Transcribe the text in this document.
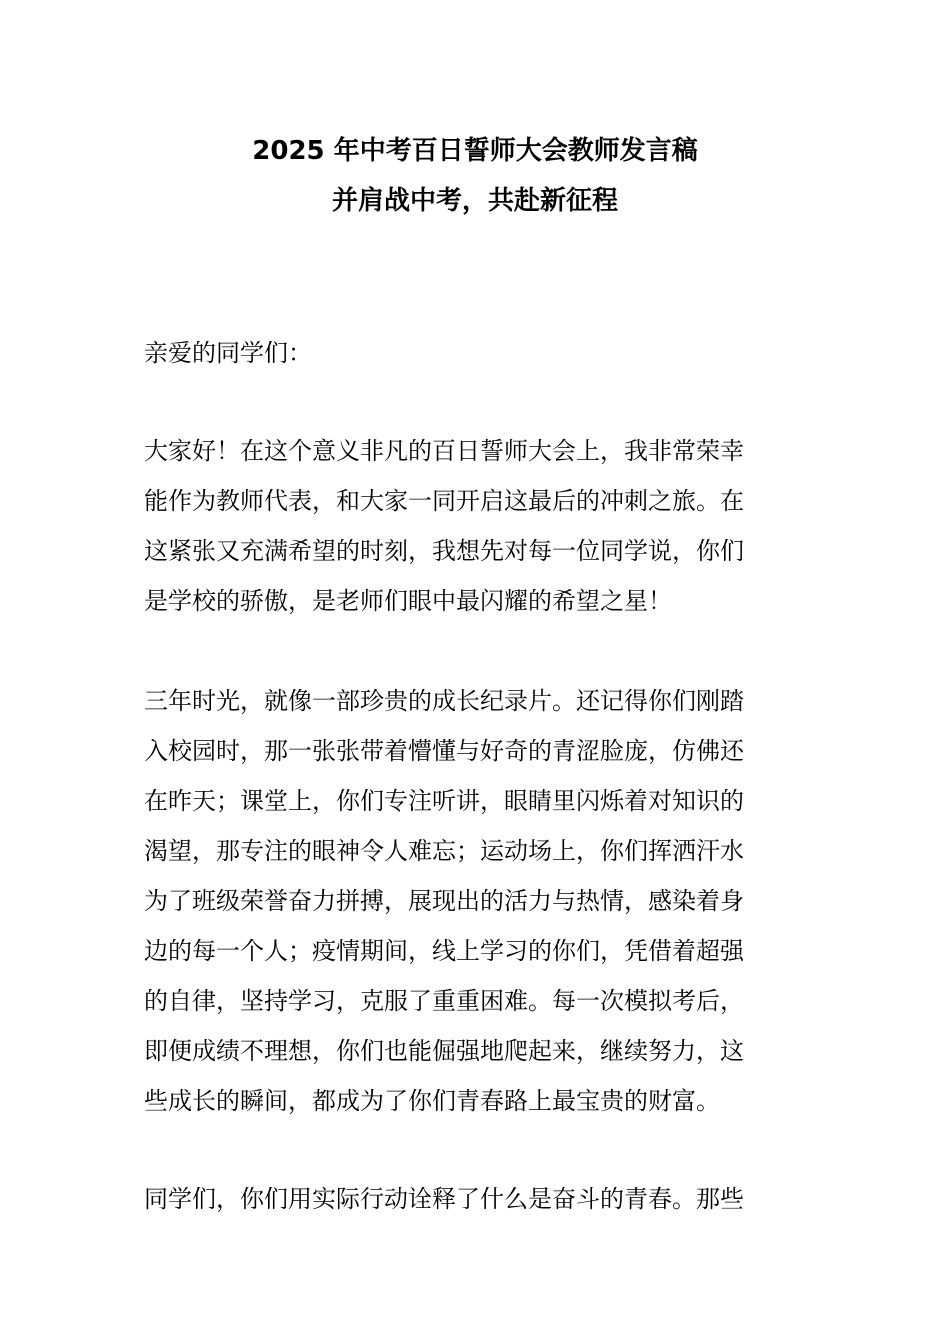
2025 年中考百日誓师大会教师发言稿
并肩战中考，共赴新征程
亲爱的同学们：
大家好！在这个意义非凡的百日誓师大会上，我非常荣幸
能作为教师代表，和大家一同开启这最后的冲刺之旅。在
这紧张又充满希望的时刻，我想先对每一位同学说，你们
是学校的骄傲，是老师们眼中最闪耀的希望之星！
三年时光，就像一部珍贵的成长纪录片。还记得你们刚踏
入校园时，那一张张带着懵懂与好奇的青涩脸庞，仿佛还
在昨天；课堂上，你们专注听讲，眼睛里闪烁着对知识的
渴望，那专注的眼神令人难忘；运动场上，你们挥洒汗水
为了班级荣誉奋力拼搏，展现出的活力与热情，感染着身
边的每一个人；疫情期间，线上学习的你们，凭借着超强
的自律，坚持学习，克服了重重困难。每一次模拟考后，
即便成绩不理想，你们也能倔强地爬起来，继续努力，这
些成长的瞬间，都成为了你们青春路上最宝贵的财富。
同学们，你们用实际行动诠释了什么是奋斗的青春。那些
